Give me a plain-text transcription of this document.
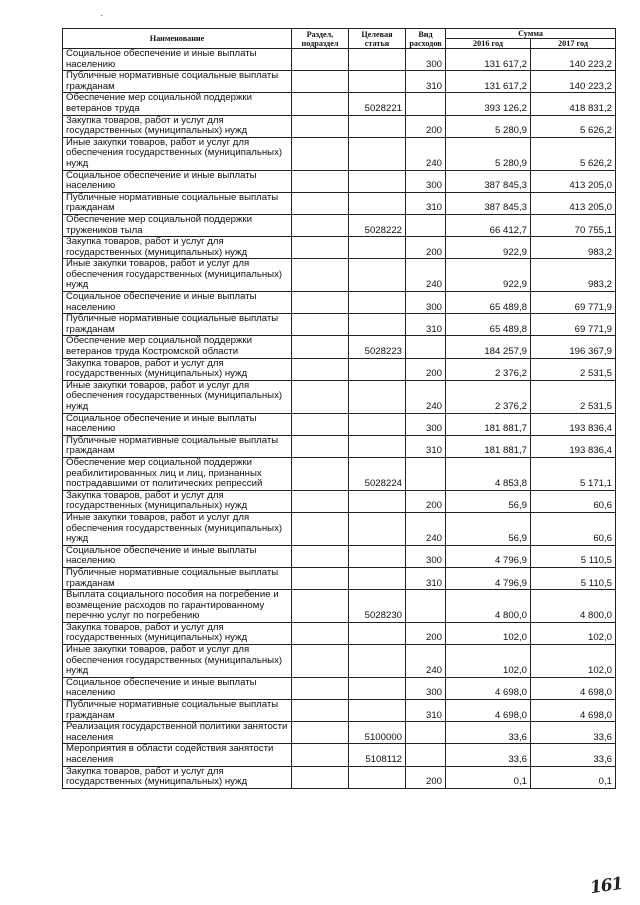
·
Наименование	Раздел, подраздел	Целевая статья	Вид расходов	Сумма	
				2016 год	2017 год
Социальное обеспечение и иные выплаты населению			300	131 617,2	140 223,2
Публичные нормативные социальные выплаты гражданам			310	131 617,2	140 223,2
Обеспечение мер социальной поддержки ветеранов труда		5028221		393 126,2	418 831,2
Закупка товаров, работ и услуг для государственных (муниципальных) нужд			200	5 280,9	5 626,2
Иные закупки товаров, работ и услуг для обеспечения государственных (муниципальных) нужд			240	5 280,9	5 626,2
Социальное обеспечение и иные выплаты населению			300	387 845,3	413 205,0
Публичные нормативные социальные выплаты гражданам			310	387 845,3	413 205,0
Обеспечение мер социальной поддержки тружеников тыла		5028222		66 412,7	70 755,1
Закупка товаров, работ и услуг для государственных (муниципальных) нужд			200	922,9	983,2
Иные закупки товаров, работ и услуг для обеспечения государственных (муниципальных) нужд			240	922,9	983,2
Социальное обеспечение и иные выплаты населению			300	65 489,8	69 771,9
Публичные нормативные социальные выплаты гражданам			310	65 489,8	69 771,9
Обеспечение мер социальной поддержки ветеранов труда Костромской области		5028223		184 257,9	196 367,9
Закупка товаров, работ и услуг для государственных (муниципальных) нужд			200	2 376,2	2 531,5
Иные закупки товаров, работ и услуг для обеспечения государственных (муниципальных) нужд			240	2 376,2	2 531,5
Социальное обеспечение и иные выплаты населению			300	181 881,7	193 836,4
Публичные нормативные социальные выплаты гражданам			310	181 881,7	193 836,4
Обеспечение мер социальной поддержки реабилитированных лиц и лиц, признанных пострадавшими от политических репрессий		5028224		4 853,8	5 171,1
Закупка товаров, работ и услуг для государственных (муниципальных) нужд			200	56,9	60,6
Иные закупки товаров, работ и услуг для обеспечения государственных (муниципальных) нужд			240	56,9	60,6
Социальное обеспечение и иные выплаты населению			300	4 796,9	5 110,5
Публичные нормативные социальные выплаты гражданам			310	4 796,9	5 110,5
Выплата социального пособия на погребение и возмещение расходов по гарантированному перечню услуг по погребению		5028230		4 800,0	4 800,0
Закупка товаров, работ и услуг для государственных (муниципальных) нужд			200	102,0	102,0
Иные закупки товаров, работ и услуг для обеспечения государственных (муниципальных) нужд			240	102,0	102,0
Социальное обеспечение и иные выплаты населению			300	4 698,0	4 698,0
Публичные нормативные социальные выплаты гражданам			310	4 698,0	4 698,0
Реализация государственной политики занятости населения		5100000		33,6	33,6
Мероприятия в области содействия занятости населения		5108112		33,6	33,6
Закупка товаров, работ и услуг для государственных (муниципальных) нужд			200	0,1	0,1
161
